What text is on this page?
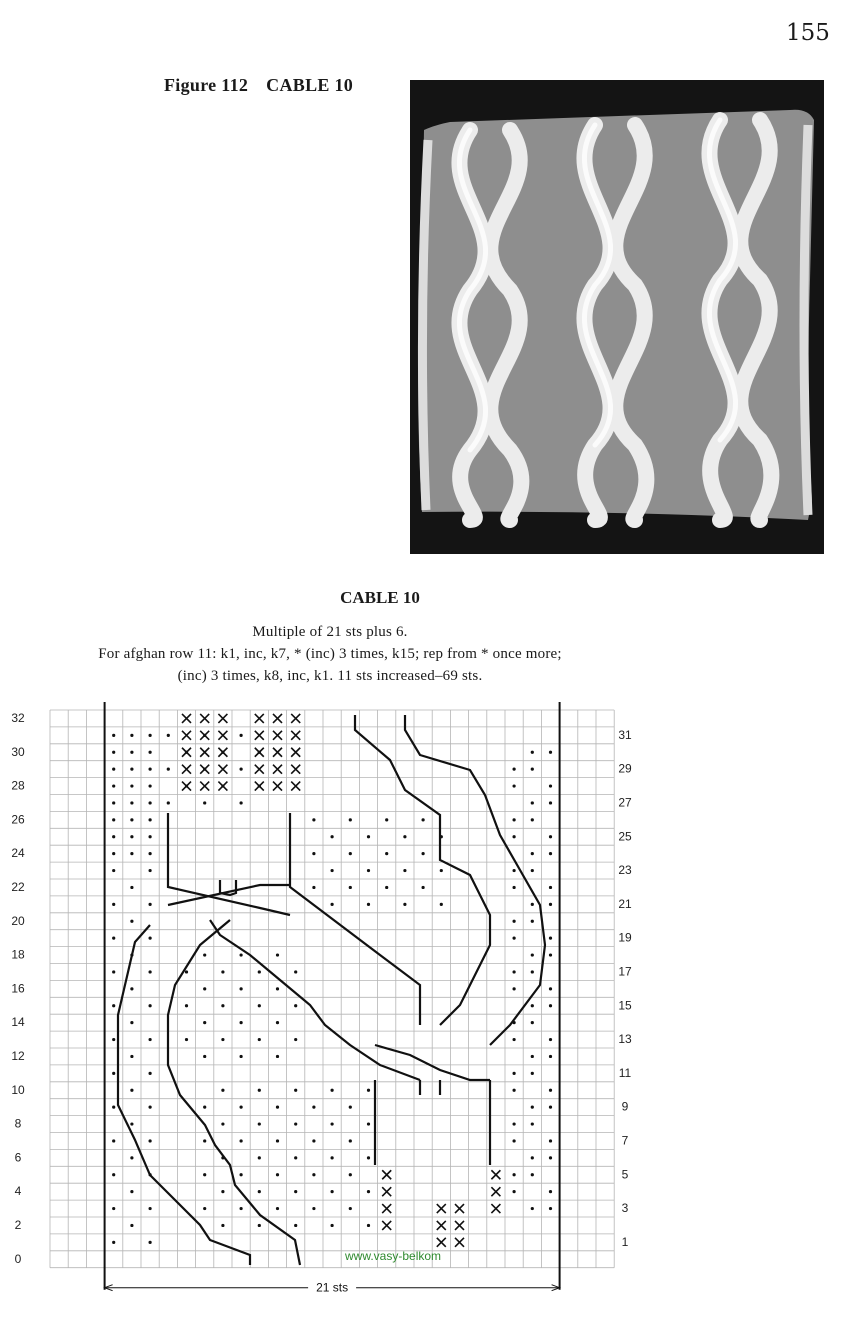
155
Figure 112 CABLE 10
CABLE 10
Multiple of 21 sts plus 6.
For afghan row 11: k1, inc, k7, * (inc) 3 times, k15; rep from * once more;
(inc) 3 times, k8, inc, k1. 11 sts increased–69 sts.
32
30
28
26
24
22
20
18
16
14
12
10
8
6
4
2
0
31
29
27
25
23
21
19
17
15
13
11
9
7
5
3
1
21 sts
www.vasy-belkom
